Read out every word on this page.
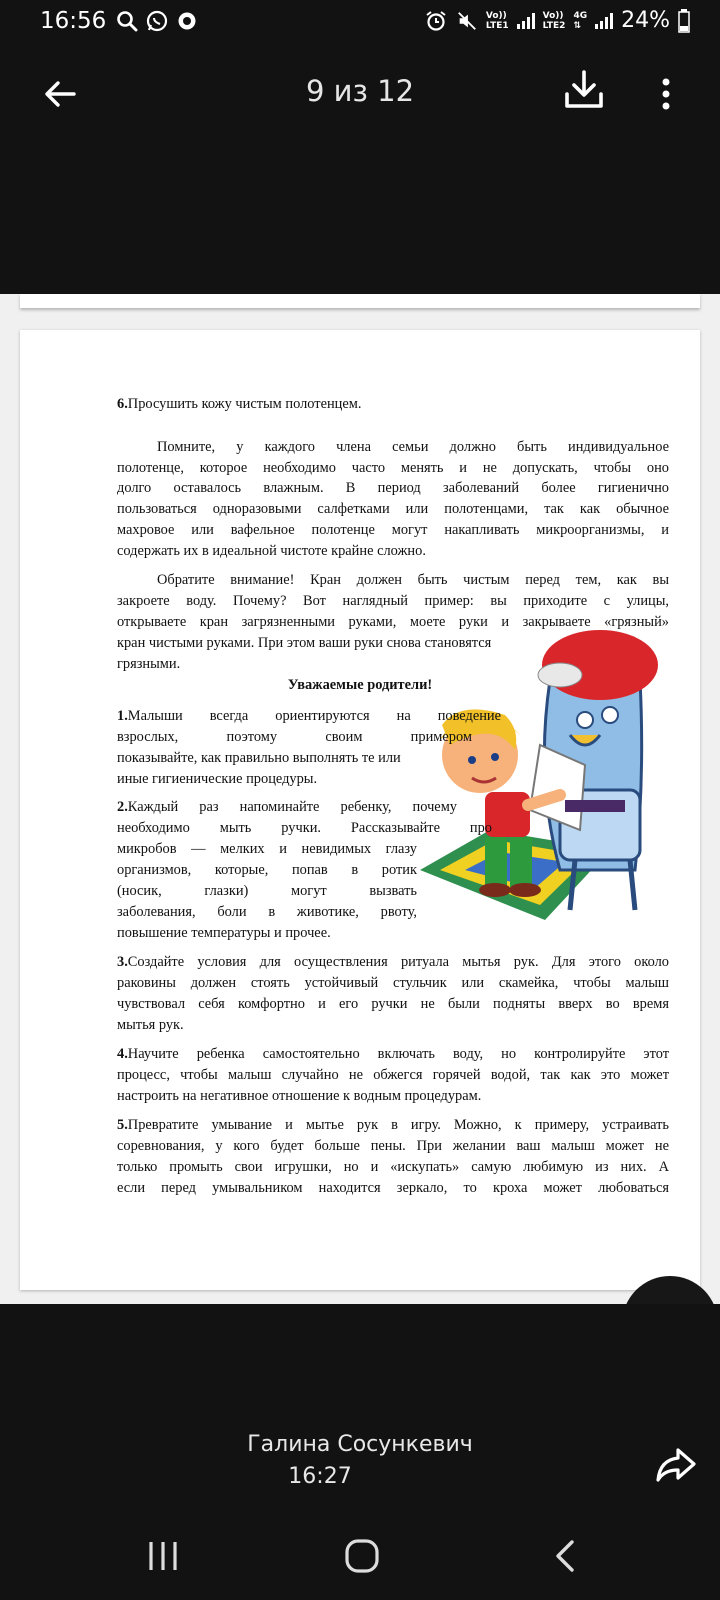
16:56	Vo))
LTE1
Vo))
LTE2
4G
⇅ 24%
9 из 12
Уважаемые родители!
6.Просушить кожу чистым полотенцем.
Помните, у каждого члена семьи должно быть индивидуальное
полотенце, которое необходимо часто менять и не допускать, чтобы оно
долго оставалось влажным. В период заболеваний более гигиенично
пользоваться одноразовыми салфетками или полотенцами, так как обычное
махровое или вафельное полотенце могут накапливать микроорганизмы, и
содержать их в идеальной чистоте крайне сложно.
Обратите внимание! Кран должен быть чистым перед тем, как вы
закроете воду. Почему? Вот наглядный пример: вы приходите с улицы,
открываете кран загрязненными руками, моете руки и закрываете «грязный»
кран чистыми руками. При этом ваши руки снова становятся
грязными.
1.Малыши всегда ориентируются на поведение
взрослых, поэтому своим примером
показывайте, как правильно выполнять те или
иные гигиенические процедуры.
2.Каждый раз напоминайте ребенку, почему
необходимо мыть ручки. Рассказывайте про
микробов — мелких и невидимых глазу
организмов, которые, попав в ротик
(носик, глазки) могут вызвать
заболевания, боли в животике, рвоту,
повышение температуры и прочее.
3.Создайте условия для осуществления ритуала мытья рук. Для этого около
раковины должен стоять устойчивый стульчик или скамейка, чтобы малыш
чувствовал себя комфортно и его ручки не были подняты вверх во время
мытья рук.
4.Научите ребенка самостоятельно включать воду, но контролируйте этот
процесс, чтобы малыш случайно не обжегся горячей водой, так как это может
настроить на негативное отношение к водным процедурам.
5.Превратите умывание и мытье рук в игру. Можно, к примеру, устраивать
соревнования, у кого будет больше пены. При желании ваш малыш может не
только промыть свои игрушки, но и «искупать» самую любимую из них. А
если перед умывальником находится зеркало, то кроха может любоваться
Галина Сосункевич
16:27
